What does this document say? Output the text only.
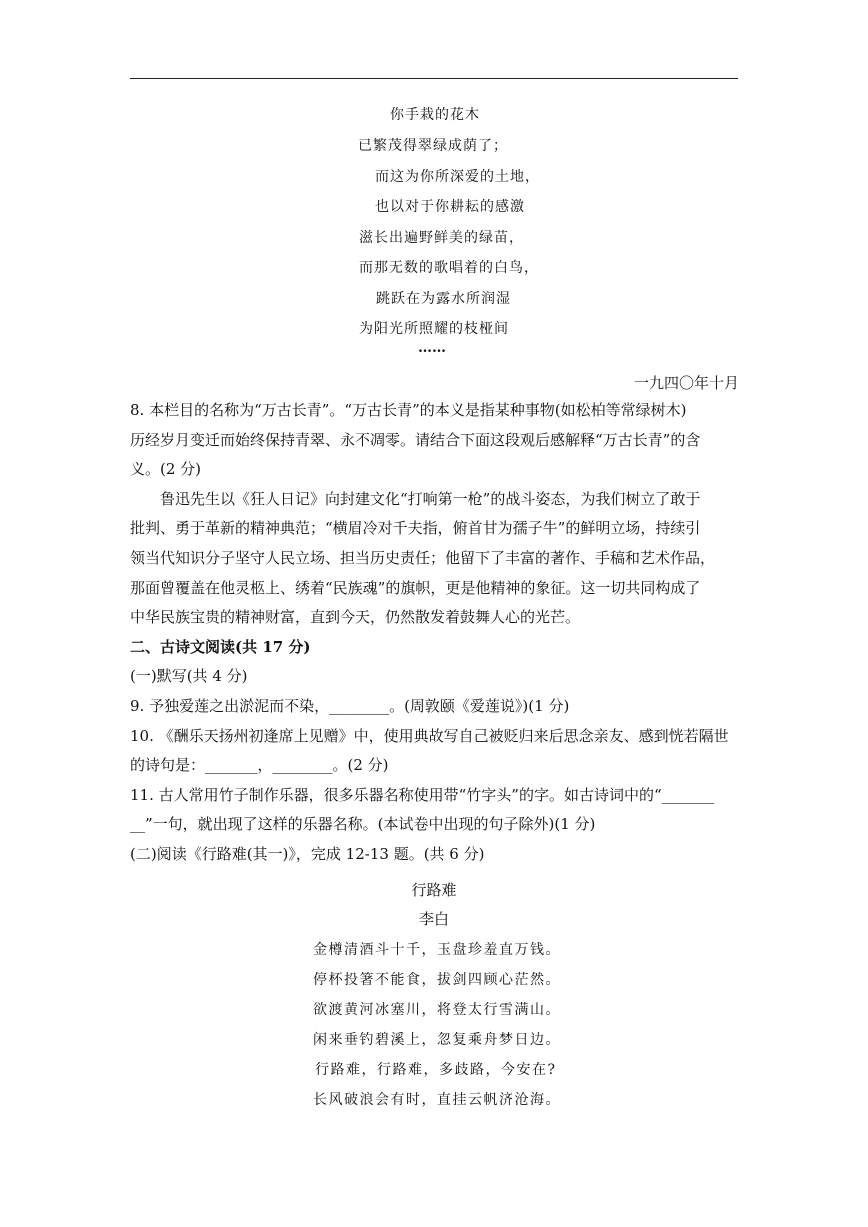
你手栽的花木
已繁茂得翠绿成荫了；
而这为你所深爱的土地，
也以对于你耕耘的感激
滋长出遍野鲜美的绿苗，
而那无数的歌唱着的白鸟，
跳跃在为露水所润湿
为阳光所照耀的枝桠间
……
一九四〇年十月
8. 本栏目的名称为“万古长青”。“万古长青”的本义是指某种事物(如松柏等常绿树木)
历经岁月变迁而始终保持青翠、永不凋零。请结合下面这段观后感解释“万古长青”的含
义。(2 分)
鲁迅先生以《狂人日记》向封建文化“打响第一枪”的战斗姿态，为我们树立了敢于
批判、勇于革新的精神典范；“横眉冷对千夫指，俯首甘为孺子牛”的鲜明立场，持续引
领当代知识分子坚守人民立场、担当历史责任；他留下了丰富的著作、手稿和艺术作品，
那面曾覆盖在他灵柩上、绣着“民族魂”的旗帜，更是他精神的象征。这一切共同构成了
中华民族宝贵的精神财富，直到今天，仍然散发着鼓舞人心的光芒。
二、古诗文阅读(共 17 分)
(一)默写(共 4 分)
9. 予独爱莲之出淤泥而不染，________。(周敦颐《爱莲说》)(1 分)
10. 《酬乐天扬州初逢席上见赠》中，使用典故写自己被贬归来后思念亲友、感到恍若隔世
的诗句是：_______，________。(2 分)
11. 古人常用竹子制作乐器，很多乐器名称使用带“竹字头”的字。如古诗词中的“_______
__”一句，就出现了这样的乐器名称。(本试卷中出现的句子除外)(1 分)
(二)阅读《行路难(其一)》，完成 12-13 题。(共 6 分)
行路难
李白
金樽清酒斗十千，玉盘珍羞直万钱。
停杯投箸不能食，拔剑四顾心茫然。
欲渡黄河冰塞川，将登太行雪满山。
闲来垂钓碧溪上，忽复乘舟梦日边。
行路难，行路难，多歧路，今安在?
长风破浪会有时，直挂云帆济沧海。
